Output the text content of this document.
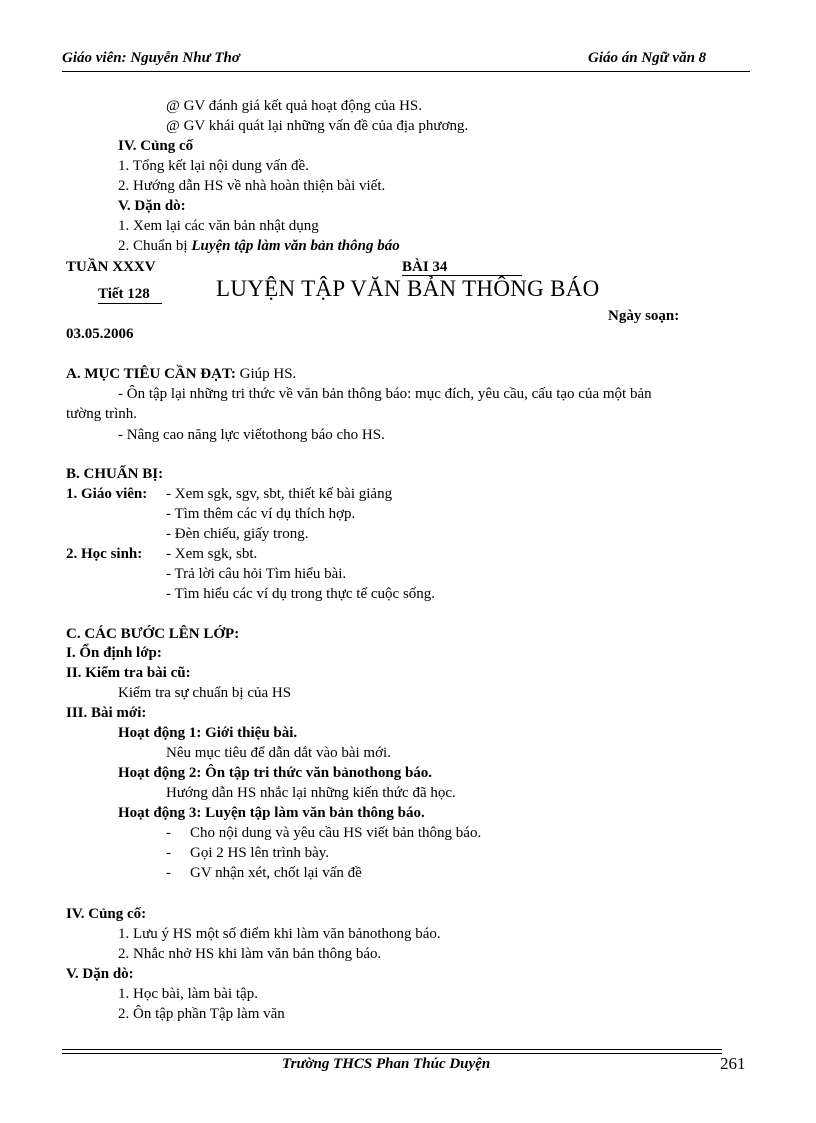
Giáo viên: Nguyễn Như Thơ	Giáo án Ngữ văn 8
@ GV đánh giá kết quả hoạt động của HS.
@ GV khái quát lại những vấn đề của địa phương.
IV. Củng cố
1. Tổng kết lại nội dung vấn đề.
2. Hướng dẫn HS về nhà hoàn thiện bài viết.
V. Dặn dò:
1. Xem lại các văn bản nhật dụng
2. Chuẩn bị Luyện tập làm văn bản thông báo
TUẦN XXXV	BÀI 34
Tiết 128	LUYỆN TẬP VĂN BẢN THÔNG BÁO
Ngày soạn:
03.05.2006
A. MỤC TIÊU CẦN ĐẠT: Giúp HS.
- Ôn tập lại những tri thức về văn bản thông báo: mục đích, yêu cầu, cấu tạo của một bản
tường trình.
- Nâng cao năng lực viếtothong báo cho HS.
B. CHUẨN BỊ:
1. Giáo viên: - Xem sgk, sgv, sbt, thiết kế bài giảng
- Tìm thêm các ví dụ thích hợp.
- Đèn chiếu, giấy trong.
2. Học sinh: - Xem sgk, sbt.
- Trả lời câu hỏi Tìm hiểu bài.
- Tìm hiểu các ví dụ trong thực tế cuộc sống.
C. CÁC BƯỚC LÊN LỚP:
I. Ổn định lớp:
II. Kiểm tra bài cũ:
Kiểm tra sự chuẩn bị của HS
III. Bài mới:
Hoạt động 1: Giới thiệu bài.
Nêu mục tiêu để dẫn dắt vào bài mới.
Hoạt động 2: Ôn tập tri thức văn bảnothong báo.
Hướng dẫn HS nhắc lại những kiến thức đã học.
Hoạt động 3: Luyện tập làm văn bản thông báo.
- Cho nội dung và yêu cầu HS viết bản thông báo.
- Gọi 2 HS lên trình bày.
- GV nhận xét, chốt lại vấn đề
IV. Củng cố:
1. Lưu ý HS một số điểm khi làm văn bảnothong báo.
2. Nhắc nhở HS khi làm văn bản thông báo.
V. Dặn dò:
1. Học bài, làm bài tập.
2. Ôn tập phần Tập làm văn
Trường THCS Phan Thúc Duyện	261
